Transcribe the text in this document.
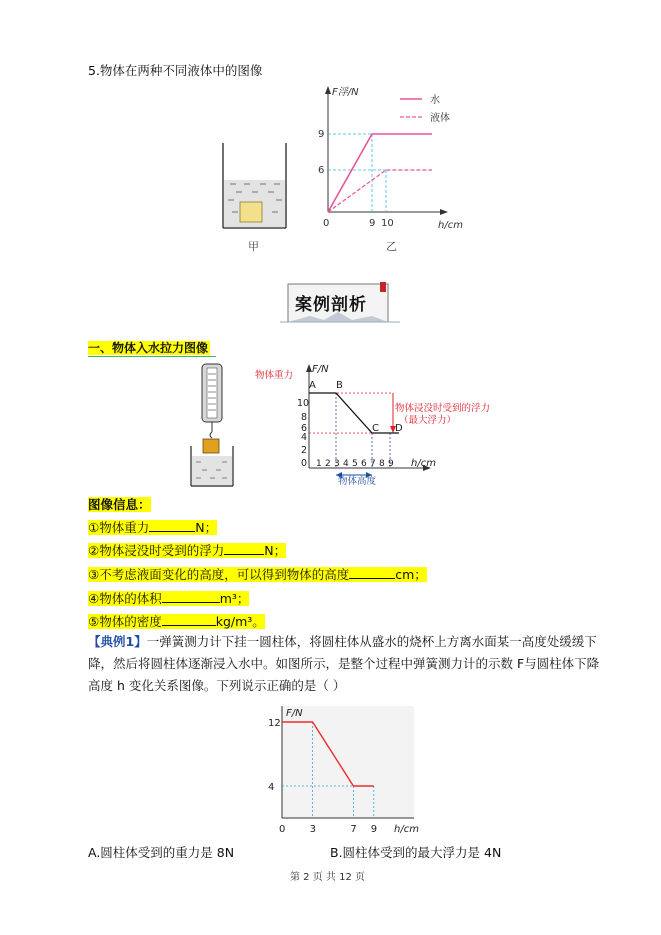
5.物体在两种不同液体中的图像
甲
水
液体
F浮/N
9
6
0	9 10	h/cm
乙
案例剖析
一、物体入水拉力图像
物体重力
物体浸没时受到的浮力
（最大浮力）
F/N
A B
C D
10
8
6
4
2
0 1 2 3 4 5 6 7 8 9 h/cm
物体高度
图像信息：
①物体重力	N；
②物体浸没时受到的浮力	N；
③不考虑液面变化的高度，可以得到物体的高度	cm；
④物体的体积	m³；
⑤物体的密度	kg/m³。
【典例1】一弹簧测力计下挂一圆柱体，将圆柱体从盛水的烧杯上方离水面某一高度处缓缓下降，然后将圆柱体逐渐浸入水中。如图所示，是整个过程中弹簧测力计的示数 F与圆柱体下降高度 h 变化关系图像。下列说示正确的是（ ）
12
4
0 3	7 9
F/N
h/cm
A.圆柱体受到的重力是 8N	B.圆柱体受到的最大浮力是 4N
第 2 页 共 12 页
